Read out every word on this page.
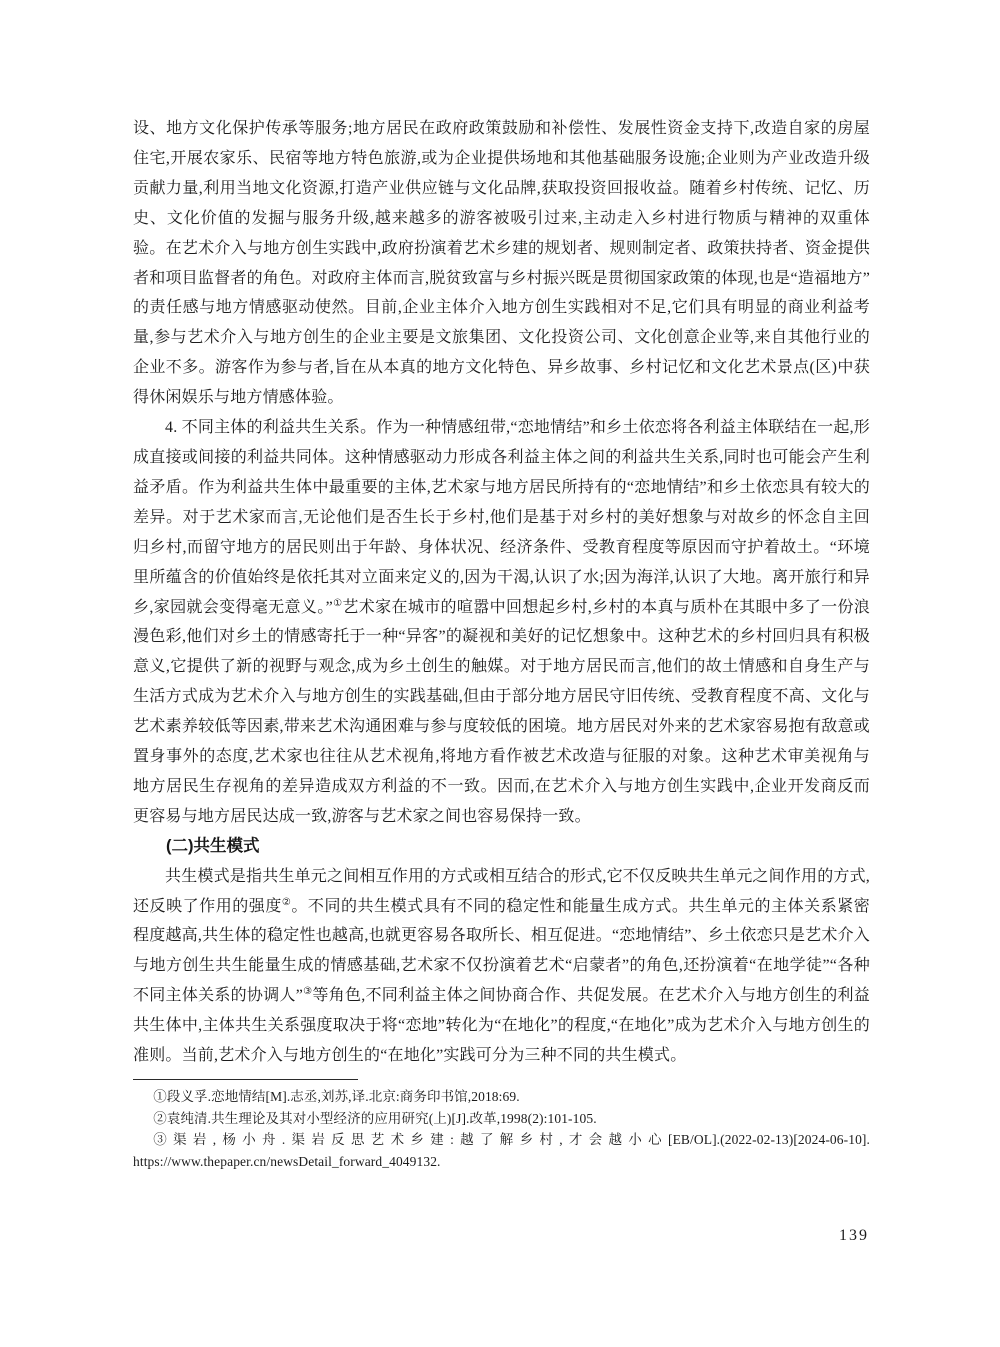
设、地方文化保护传承等服务;地方居民在政府政策鼓励和补偿性、发展性资金支持下,改造自家的房屋住宅,开展农家乐、民宿等地方特色旅游,或为企业提供场地和其他基础服务设施;企业则为产业改造升级贡献力量,利用当地文化资源,打造产业供应链与文化品牌,获取投资回报收益。随着乡村传统、记忆、历史、文化价值的发掘与服务升级,越来越多的游客被吸引过来,主动走入乡村进行物质与精神的双重体验。在艺术介入与地方创生实践中,政府扮演着艺术乡建的规划者、规则制定者、政策扶持者、资金提供者和项目监督者的角色。对政府主体而言,脱贫致富与乡村振兴既是贯彻国家政策的体现,也是“造福地方”的责任感与地方情感驱动使然。目前,企业主体介入地方创生实践相对不足,它们具有明显的商业利益考量,参与艺术介入与地方创生的企业主要是文旅集团、文化投资公司、文化创意企业等,来自其他行业的企业不多。游客作为参与者,旨在从本真的地方文化特色、异乡故事、乡村记忆和文化艺术景点(区)中获得休闲娱乐与地方情感体验。

4. 不同主体的利益共生关系。作为一种情感纽带,“恋地情结”和乡土依恋将各利益主体联结在一起,形成直接或间接的利益共同体。这种情感驱动力形成各利益主体之间的利益共生关系,同时也可能会产生利益矛盾。作为利益共生体中最重要的主体,艺术家与地方居民所持有的“恋地情结”和乡土依恋具有较大的差异。对于艺术家而言,无论他们是否生长于乡村,他们是基于对乡村的美好想象与对故乡的怀念自主回归乡村,而留守地方的居民则出于年龄、身体状况、经济条件、受教育程度等原因而守护着故土。“环境里所蕴含的价值始终是依托其对立面来定义的,因为干渴,认识了水;因为海洋,认识了大地。离开旅行和异乡,家园就会变得毫无意义。”①艺术家在城市的喧嚣中回想起乡村,乡村的本真与质朴在其眼中多了一份浪漫色彩,他们对乡土的情感寄托于一种“异客”的凝视和美好的记忆想象中。这种艺术的乡村回归具有积极意义,它提供了新的视野与观念,成为乡土创生的触媒。对于地方居民而言,他们的故土情感和自身生产与生活方式成为艺术介入与地方创生的实践基础,但由于部分地方居民守旧传统、受教育程度不高、文化与艺术素养较低等因素,带来艺术沟通困难与参与度较低的困境。地方居民对外来的艺术家容易抱有敌意或置身事外的态度,艺术家也往往从艺术视角,将地方看作被艺术改造与征服的对象。这种艺术审美视角与地方居民生存视角的差异造成双方利益的不一致。因而,在艺术介入与地方创生实践中,企业开发商反而更容易与地方居民达成一致,游客与艺术家之间也容易保持一致。

(二)共生模式

共生模式是指共生单元之间相互作用的方式或相互结合的形式,它不仅反映共生单元之间作用的方式,还反映了作用的强度②。不同的共生模式具有不同的稳定性和能量生成方式。共生单元的主体关系紧密程度越高,共生体的稳定性也越高,也就更容易各取所长、相互促进。“恋地情结”、乡土依恋只是艺术介入与地方创生共生能量生成的情感基础,艺术家不仅扮演着艺术“启蒙者”的角色,还扮演着“在地学徒”“各种不同主体关系的协调人”③等角色,不同利益主体之间协商合作、共促发展。在艺术介入与地方创生的利益共生体中,主体共生关系强度取决于将“恋地”转化为“在地化”的程度,“在地化”成为艺术介入与地方创生的准则。当前,艺术介入与地方创生的“在地化”实践可分为三种不同的共生模式。

①段义孚.恋地情结[M].志丞,刘苏,译.北京:商务印书馆,2018:69.

②袁纯清.共生理论及其对小型经济的应用研究(上)[J].改革,1998(2):101-105.

③渠岩,杨小舟.渠岩反思艺术乡建:越了解乡村,才会越小心[EB/OL].(2022-02-13)[2024-06-10]. https://www.thepaper.cn/newsDetail_forward_4049132.

139
